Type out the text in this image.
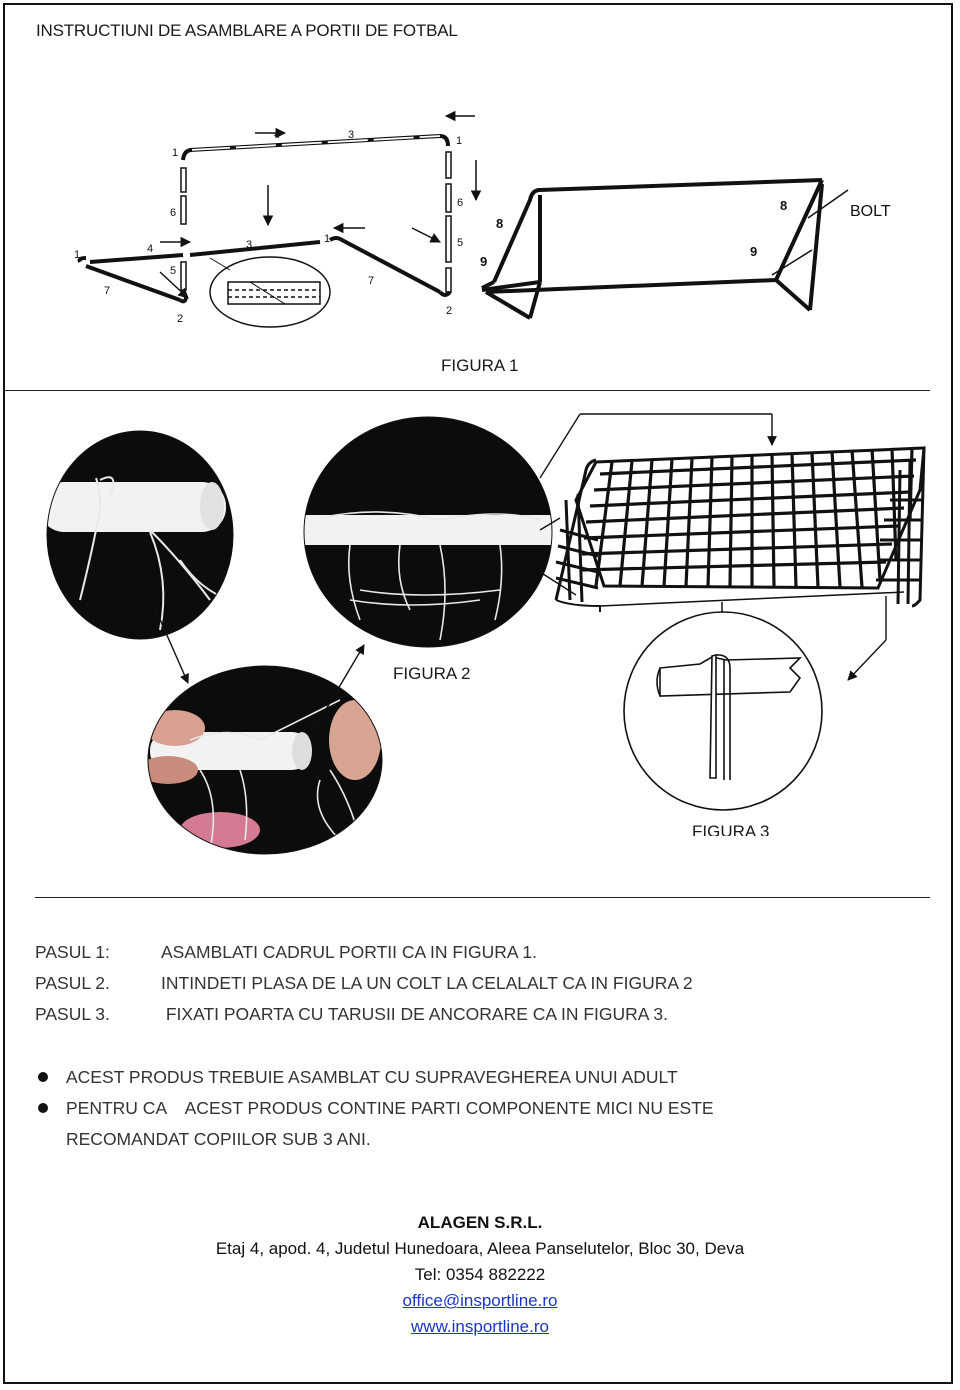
INSTRUCTIUNI DE ASAMBLARE A PORTII DE FOTBAL
3
4
1
1
6
6
5
4	3	1
1
5
7
7
2
2
8
8
9
9
BOLT
FIGURA 1
FIGURA 2
FIGURA 3
PASUL 1:	ASAMBLATI CADRUL PORTII CA IN FIGURA 1.
PASUL 2.	INTINDETI PLASA DE LA UN COLT LA CELALALT CA IN FIGURA 2
PASUL 3.	FIXATI POARTA CU TARUSII DE ANCORARE CA IN FIGURA 3.
ACEST PRODUS TREBUIE ASAMBLAT CU SUPRAVEGHEREA UNUI ADULT
PENTRU CA    ACEST PRODUS CONTINE PARTI COMPONENTE MICI NU ESTE
RECOMANDAT COPIILOR SUB 3 ANI.
ALAGEN S.R.L.
Etaj 4, apod. 4, Judetul Hunedoara, Aleea Panselutelor, Bloc 30, Deva
Tel: 0354 882222
office@insportline.ro
www.insportline.ro
